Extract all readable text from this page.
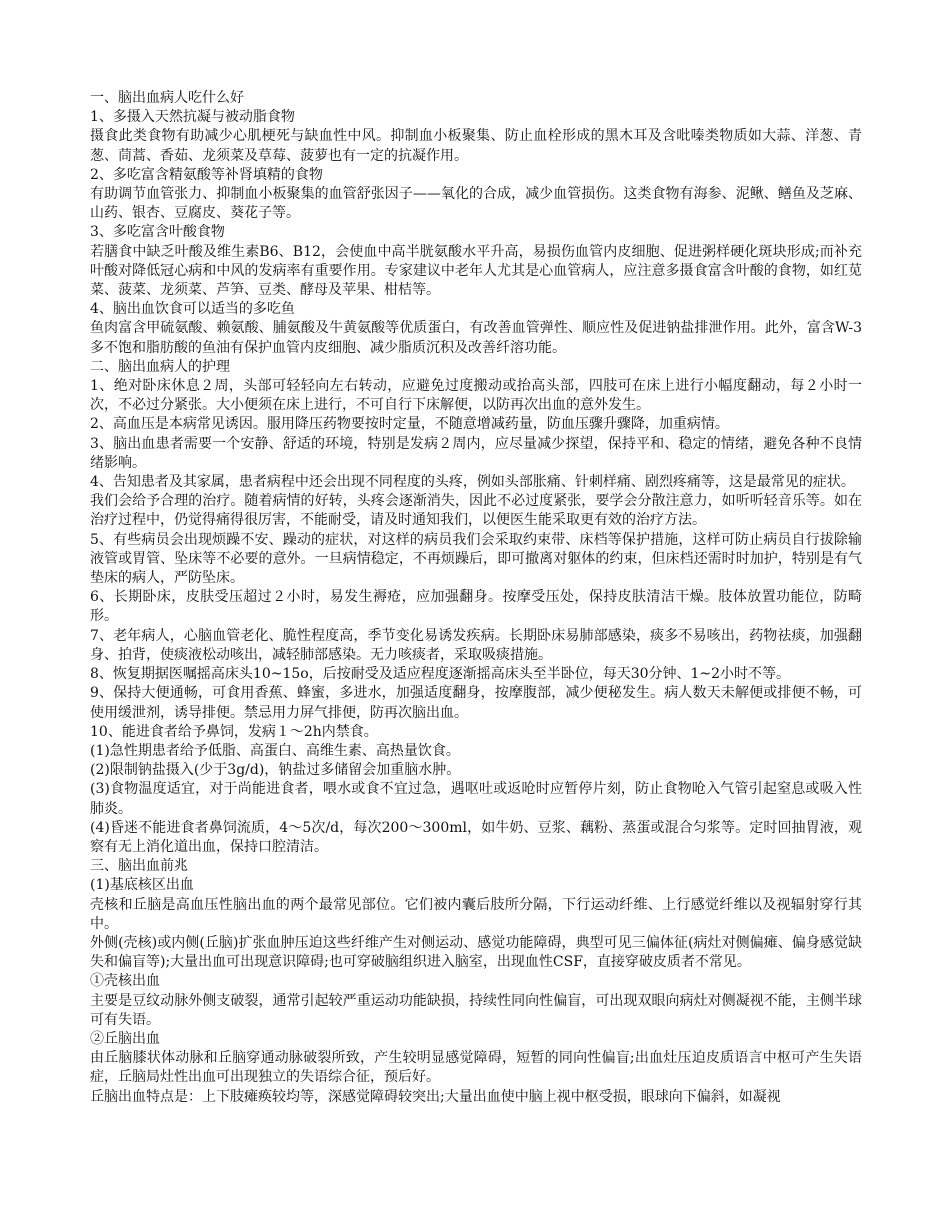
一、脑出血病人吃什么好

1、多摄入天然抗凝与被动脂食物

摄食此类食物有助减少心肌梗死与缺血性中风。抑制血小板聚集、防止血栓形成的黑木耳及含吡嗪类物质如大蒜、洋葱、青葱、茼蒿、香茹、龙须菜及草莓、菠萝也有一定的抗凝作用。

2、多吃富含精氨酸等补肾填精的食物

有助调节血管张力、抑制血小板聚集的血管舒张因子——氧化的合成，减少血管损伤。这类食物有海参、泥鳅、鳝鱼及芝麻、山药、银杏、豆腐皮、葵花子等。

3、多吃富含叶酸食物

若膳食中缺乏叶酸及维生素B6、B12，会使血中高半胱氨酸水平升高，易损伤血管内皮细胞、促进粥样硬化斑块形成;而补充叶酸对降低冠心病和中风的发病率有重要作用。专家建议中老年人尤其是心血管病人，应注意多摄食富含叶酸的食物，如红苋菜、菠菜、龙须菜、芦笋、豆类、酵母及苹果、柑桔等。

4、脑出血饮食可以适当的多吃鱼

鱼肉富含甲硫氨酸、赖氨酸、脯氨酸及牛黄氨酸等优质蛋白，有改善血管弹性、顺应性及促进钠盐排泄作用。此外，富含W-3多不饱和脂肪酸的鱼油有保护血管内皮细胞、减少脂质沉积及改善纤溶功能。

二、脑出血病人的护理

1、绝对卧床休息２周，头部可轻轻向左右转动，应避免过度搬动或抬高头部，四肢可在床上进行小幅度翻动，每２小时一次，不必过分紧张。大小便须在床上进行，不可自行下床解便，以防再次出血的意外发生。

2、高血压是本病常见诱因。服用降压药物要按时定量，不随意增减药量，防血压骤升骤降，加重病情。

3、脑出血患者需要一个安静、舒适的环境，特别是发病２周内，应尽量减少探望，保持平和、稳定的情绪，避免各种不良情绪影响。

4、告知患者及其家属，患者病程中还会出现不同程度的头疼，例如头部胀痛、针刺样痛、剧烈疼痛等，这是最常见的症状。

我们会给予合理的治疗。随着病情的好转，头疼会逐渐消失，因此不必过度紧张，要学会分散注意力，如听听轻音乐等。如在治疗过程中，仍觉得痛得很厉害，不能耐受，请及时通知我们，以便医生能采取更有效的治疗方法。

5、有些病员会出现烦躁不安、躁动的症状，对这样的病员我们会采取约束带、床档等保护措施，这样可防止病员自行拔除输液管或胃管、坠床等不必要的意外。一旦病情稳定，不再烦躁后，即可撤离对躯体的约束，但床档还需时时加护，特别是有气垫床的病人，严防坠床。

6、长期卧床，皮肤受压超过２小时，易发生褥疮，应加强翻身。按摩受压处，保持皮肤清洁干燥。肢体放置功能位，防畸形。

7、老年病人，心脑血管老化、脆性程度高，季节变化易诱发疾病。长期卧床易肺部感染，痰多不易咳出，药物祛痰，加强翻身、拍背，使痰液松动咳出，减轻肺部感染。无力咳痰者，采取吸痰措施。

8、恢复期据医嘱摇高床头10~15o，后按耐受及适应程度逐渐摇高床头至半卧位，每天30分钟、1~2小时不等。

9、保持大便通畅，可食用香蕉、蜂蜜，多进水，加强适度翻身，按摩腹部，减少便秘发生。病人数天未解便或排便不畅，可使用缓泄剂，诱导排便。禁忌用力屏气排便，防再次脑出血。

10、能进食者给予鼻饲，发病１～2h内禁食。

(1)急性期患者给予低脂、高蛋白、高维生素、高热量饮食。

(2)限制钠盐摄入(少于3g/d)，钠盐过多储留会加重脑水肿。

(3)食物温度适宜，对于尚能进食者，喂水或食不宜过急，遇呕吐或返呛时应暂停片刻，防止食物呛入气管引起窒息或吸入性肺炎。

(4)昏迷不能进食者鼻饲流质，4～5次/d，每次200～300ml，如牛奶、豆浆、藕粉、蒸蛋或混合匀浆等。定时回抽胃液，观察有无上消化道出血，保持口腔清洁。

三、脑出血前兆

(1)基底核区出血

壳核和丘脑是高血压性脑出血的两个最常见部位。它们被内囊后肢所分隔，下行运动纤维、上行感觉纤维以及视辐射穿行其中。

外侧(壳核)或内侧(丘脑)扩张血肿压迫这些纤维产生对侧运动、感觉功能障碍，典型可见三偏体征(病灶对侧偏瘫、偏身感觉缺失和偏盲等);大量出血可出现意识障碍;也可穿破脑组织进入脑室，出现血性CSF，直接穿破皮质者不常见。

①壳核出血

主要是豆纹动脉外侧支破裂，通常引起较严重运动功能缺损，持续性同向性偏盲，可出现双眼向病灶对侧凝视不能，主侧半球可有失语。

②丘脑出血

由丘脑膝状体动脉和丘脑穿通动脉破裂所致，产生较明显感觉障碍，短暂的同向性偏盲;出血灶压迫皮质语言中枢可产生失语症，丘脑局灶性出血可出现独立的失语综合征，预后好。

丘脑出血特点是：上下肢瘫痪较均等，深感觉障碍较突出;大量出血使中脑上视中枢受损，眼球向下偏斜，如凝视
